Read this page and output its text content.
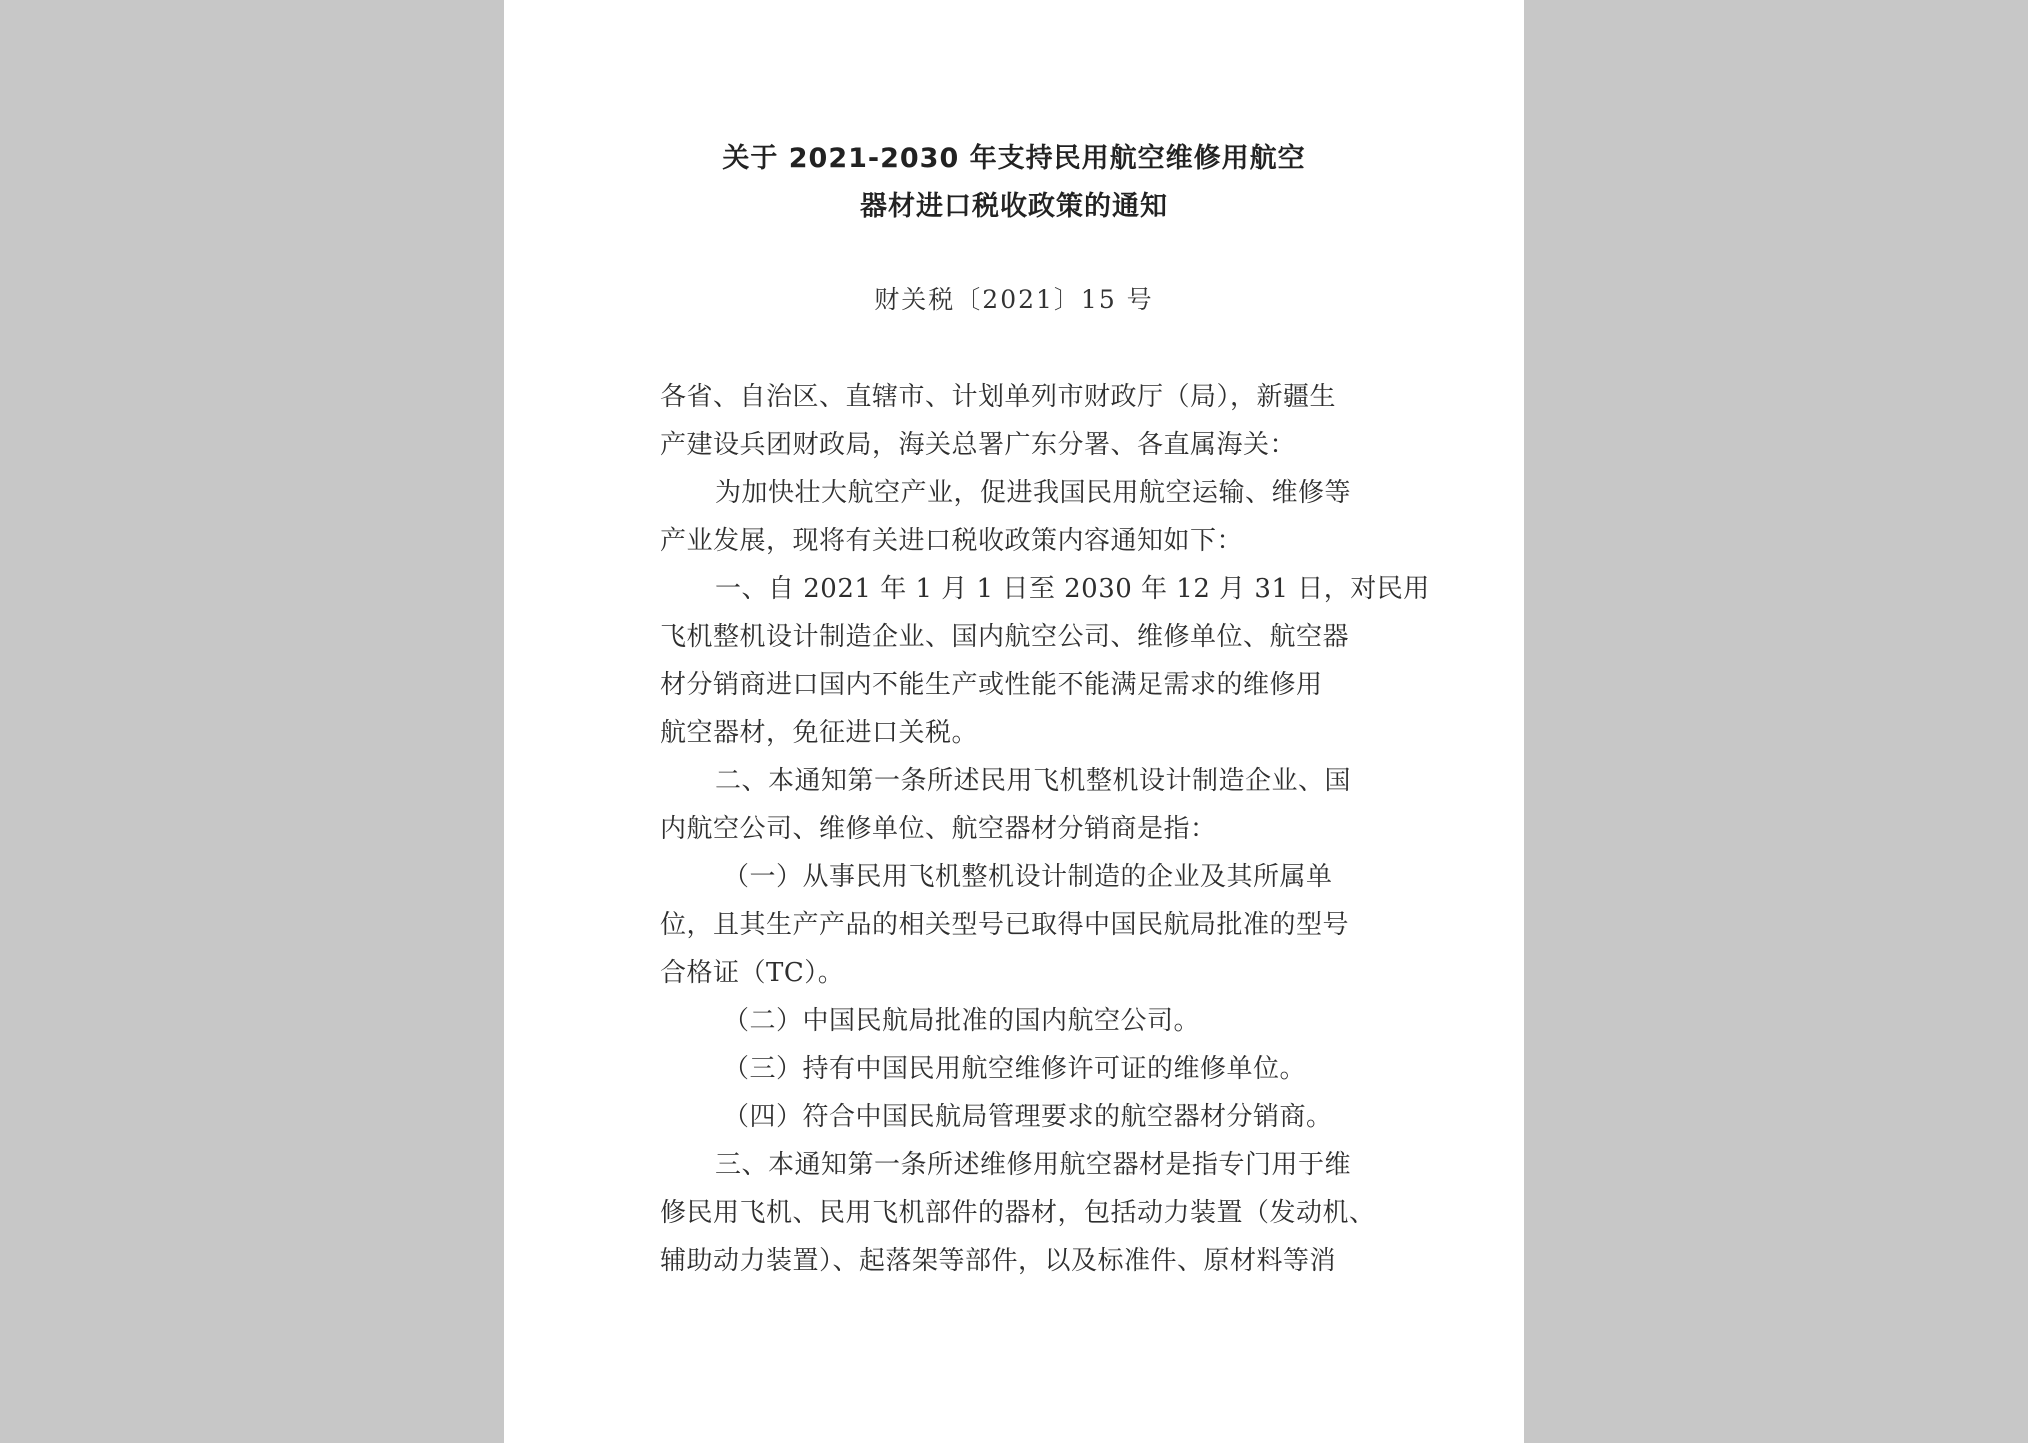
关于 2021-2030 年支持民用航空维修用航空
器材进口税收政策的通知
财关税〔2021〕15 号
各省、自治区、直辖市、计划单列市财政厅（局），新疆生
产建设兵团财政局，海关总署广东分署、各直属海关：
为加快壮大航空产业，促进我国民用航空运输、维修等
产业发展，现将有关进口税收政策内容通知如下：
一、自 2021 年 1 月 1 日至 2030 年 12 月 31 日，对民用
飞机整机设计制造企业、国内航空公司、维修单位、航空器
材分销商进口国内不能生产或性能不能满足需求的维修用
航空器材，免征进口关税。
二、本通知第一条所述民用飞机整机设计制造企业、国
内航空公司、维修单位、航空器材分销商是指：
（一）从事民用飞机整机设计制造的企业及其所属单
位，且其生产产品的相关型号已取得中国民航局批准的型号
合格证（TC）。
（二）中国民航局批准的国内航空公司。
（三）持有中国民用航空维修许可证的维修单位。
（四）符合中国民航局管理要求的航空器材分销商。
三、本通知第一条所述维修用航空器材是指专门用于维
修民用飞机、民用飞机部件的器材，包括动力装置（发动机、
辅助动力装置）、起落架等部件，以及标准件、原材料等消
